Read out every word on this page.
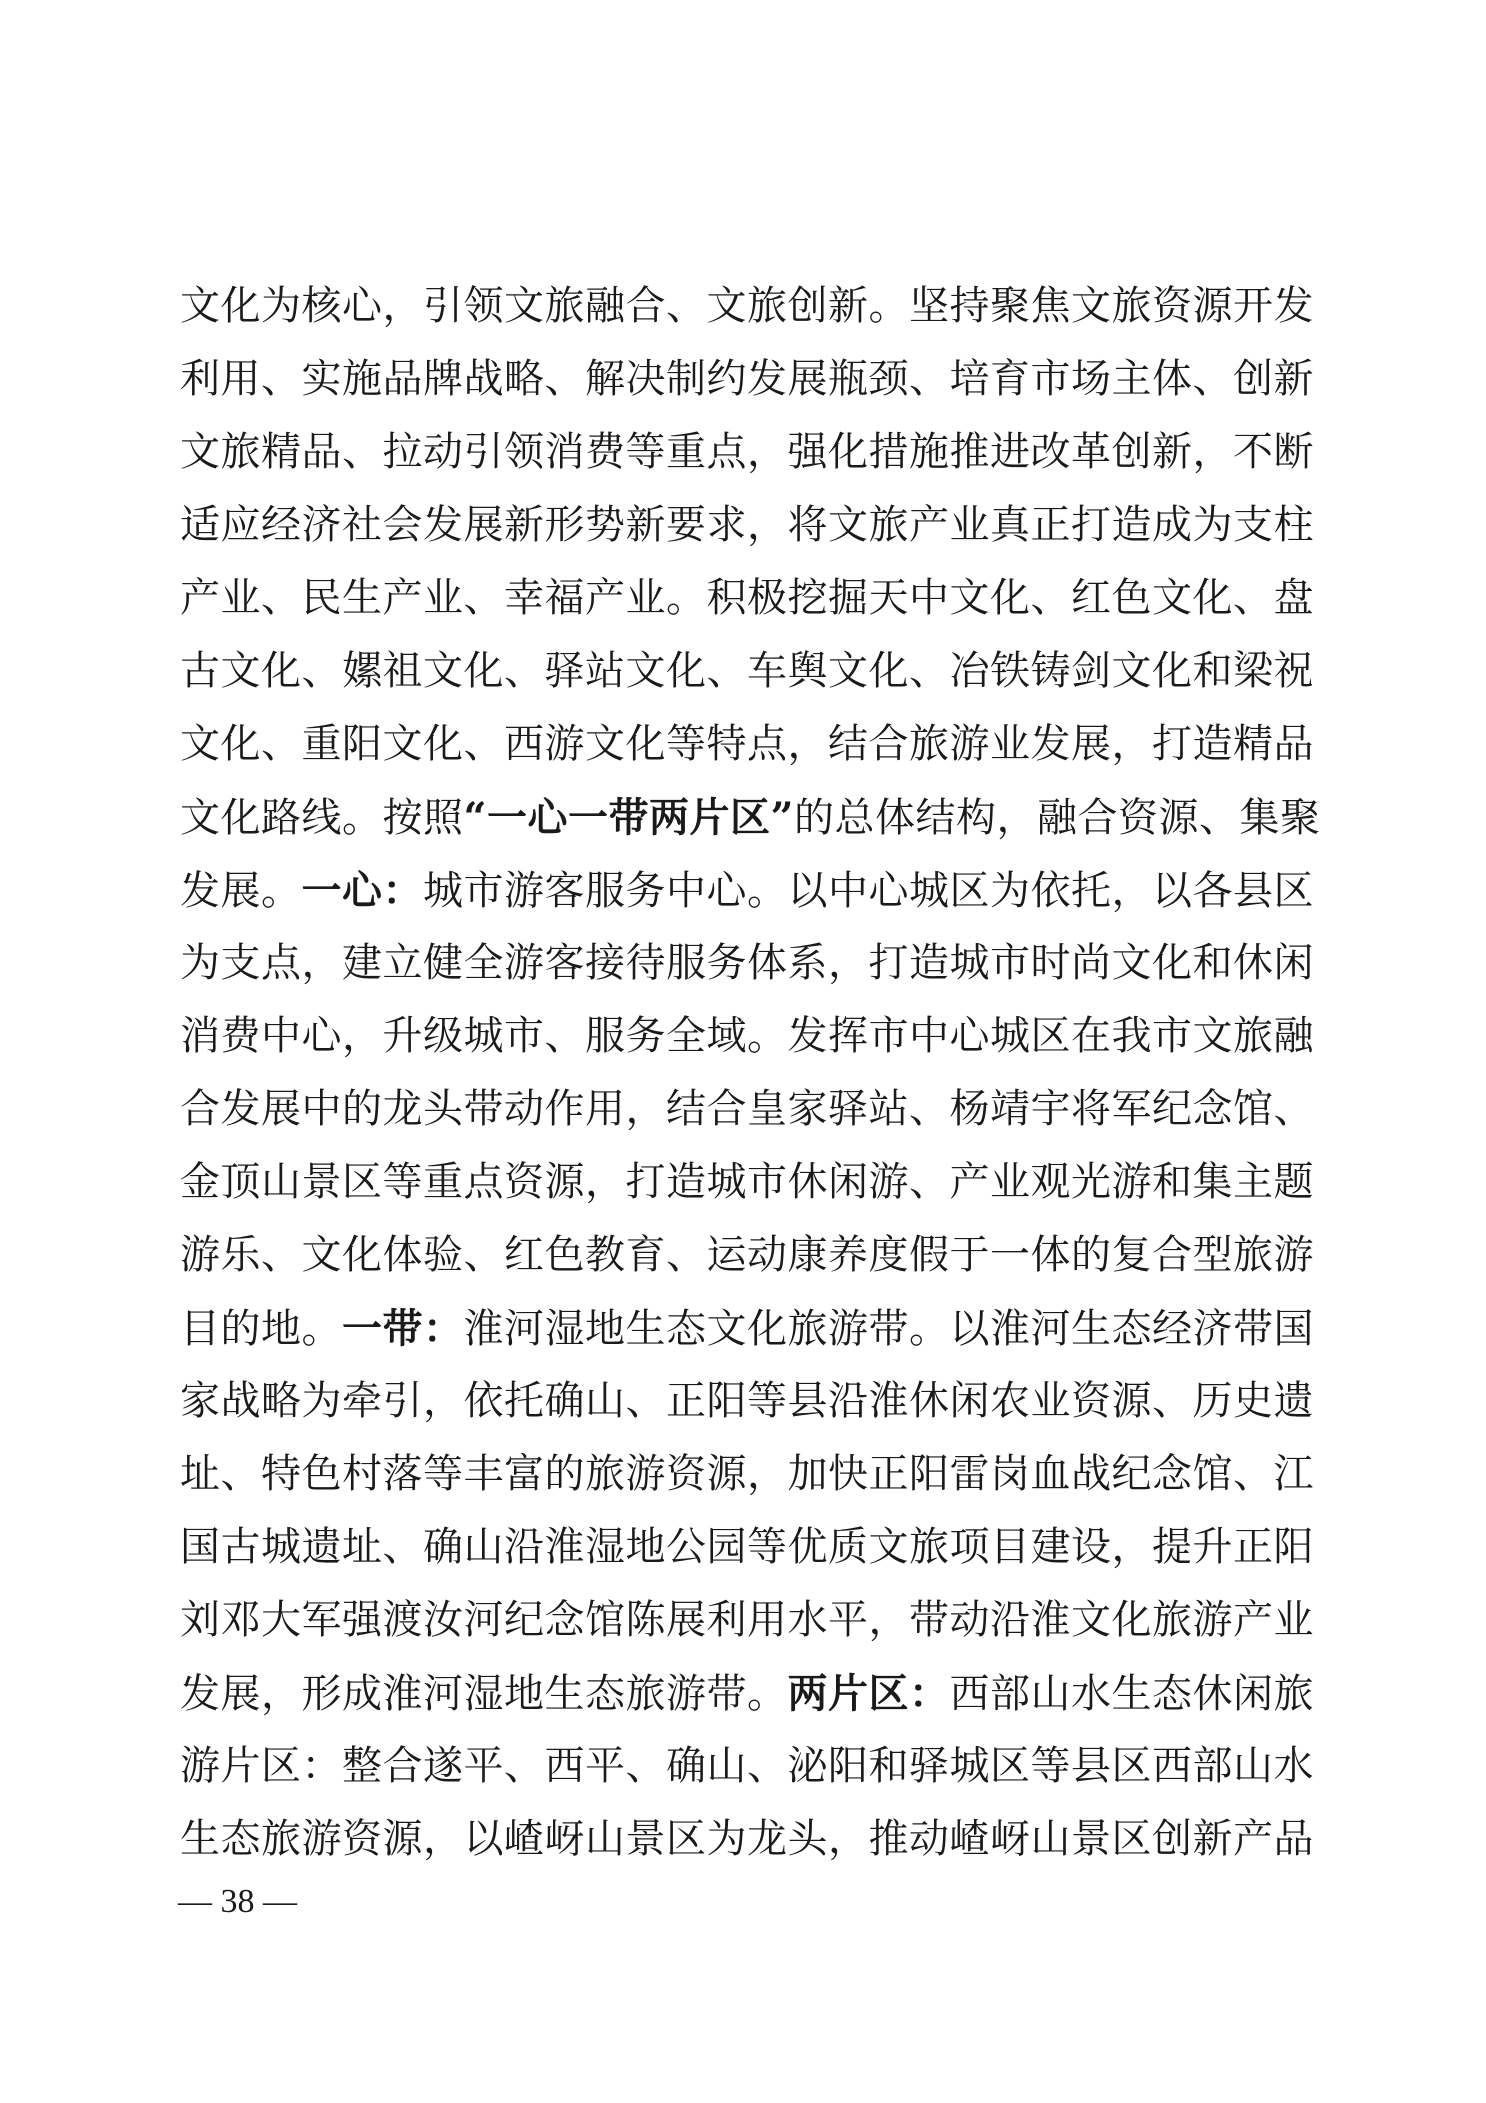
文化为核心，引领文旅融合、文旅创新。坚持聚焦文旅资源开发
利用、实施品牌战略、解决制约发展瓶颈、培育市场主体、创新
文旅精品、拉动引领消费等重点，强化措施推进改革创新，不断
适应经济社会发展新形势新要求，将文旅产业真正打造成为支柱
产业、民生产业、幸福产业。积极挖掘天中文化、红色文化、盘
古文化、嫘祖文化、驿站文化、车舆文化、冶铁铸剑文化和梁祝
文化、重阳文化、西游文化等特点，结合旅游业发展，打造精品
文化路线。按照“一心一带两片区”的总体结构，融合资源、集聚
发展。一心：城市游客服务中心。以中心城区为依托，以各县区
为支点，建立健全游客接待服务体系，打造城市时尚文化和休闲
消费中心，升级城市、服务全域。发挥市中心城区在我市文旅融
合发展中的龙头带动作用，结合皇家驿站、杨靖宇将军纪念馆、
金顶山景区等重点资源，打造城市休闲游、产业观光游和集主题
游乐、文化体验、红色教育、运动康养度假于一体的复合型旅游
目的地。一带：淮河湿地生态文化旅游带。以淮河生态经济带国
家战略为牵引，依托确山、正阳等县沿淮休闲农业资源、历史遗
址、特色村落等丰富的旅游资源，加快正阳雷岗血战纪念馆、江
国古城遗址、确山沿淮湿地公园等优质文旅项目建设，提升正阳
刘邓大军强渡汝河纪念馆陈展利用水平，带动沿淮文化旅游产业
发展，形成淮河湿地生态旅游带。两片区：西部山水生态休闲旅
游片区：整合遂平、西平、确山、泌阳和驿城区等县区西部山水
生态旅游资源，以嵖岈山景区为龙头，推动嵖岈山景区创新产品
— 38 —
